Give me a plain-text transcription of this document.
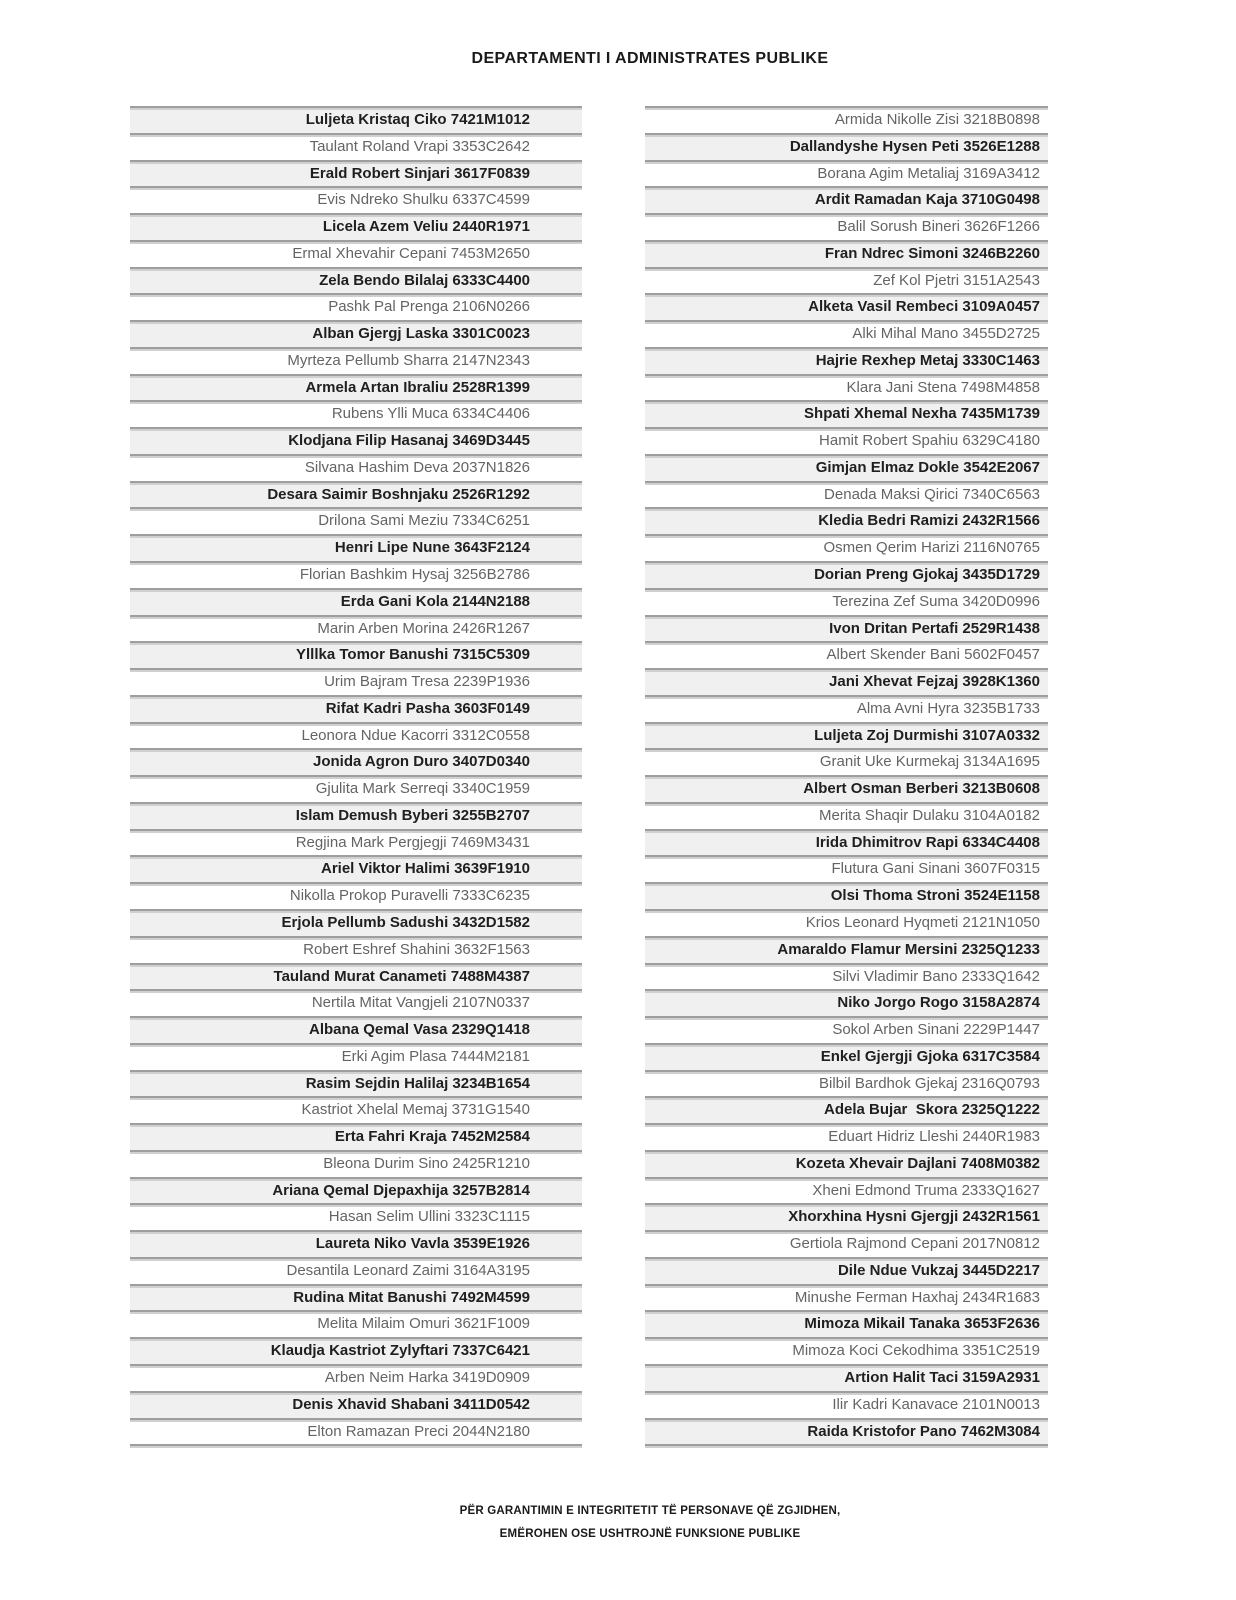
DEPARTAMENTI I ADMINISTRATES PUBLIKE
Luljeta Kristaq Ciko 7421M1012
Taulant Roland Vrapi 3353C2642
Erald Robert Sinjari 3617F0839
Evis Ndreko Shulku 6337C4599
Licela Azem Veliu 2440R1971
Ermal Xhevahir Cepani 7453M2650
Zela Bendo Bilalaj 6333C4400
Pashk Pal Prenga 2106N0266
Alban Gjergj Laska 3301C0023
Myrteza Pellumb Sharra 2147N2343
Armela Artan Ibraliu 2528R1399
Rubens Ylli Muca 6334C4406
Klodjana Filip Hasanaj 3469D3445
Silvana Hashim Deva 2037N1826
Desara Saimir Boshnjaku 2526R1292
Drilona Sami Meziu 7334C6251
Henri Lipe Nune 3643F2124
Florian Bashkim Hysaj 3256B2786
Erda Gani Kola 2144N2188
Marin Arben Morina 2426R1267
Ylllka Tomor Banushi 7315C5309
Urim Bajram Tresa 2239P1936
Rifat Kadri Pasha 3603F0149
Leonora Ndue Kacorri 3312C0558
Jonida Agron Duro 3407D0340
Gjulita Mark Serreqi 3340C1959
Islam Demush Byberi 3255B2707
Regjina Mark Pergjegji 7469M3431
Ariel Viktor Halimi 3639F1910
Nikolla Prokop Puravelli 7333C6235
Erjola Pellumb Sadushi 3432D1582
Robert Eshref Shahini 3632F1563
Tauland Murat Canameti 7488M4387
Nertila Mitat Vangjeli 2107N0337
Albana Qemal Vasa 2329Q1418
Erki Agim Plasa 7444M2181
Rasim Sejdin Halilaj 3234B1654
Kastriot Xhelal Memaj 3731G1540
Erta Fahri Kraja 7452M2584
Bleona Durim Sino 2425R1210
Ariana Qemal Djepaxhija 3257B2814
Hasan Selim Ullini 3323C1115
Laureta Niko Vavla 3539E1926
Desantila Leonard Zaimi 3164A3195
Rudina Mitat Banushi 7492M4599
Melita Milaim Omuri 3621F1009
Klaudja Kastriot Zylyftari 7337C6421
Arben Neim Harka 3419D0909
Denis Xhavid Shabani 3411D0542
Elton Ramazan Preci 2044N2180
Armida Nikolle Zisi 3218B0898
Dallandyshe Hysen Peti 3526E1288
Borana Agim Metaliaj 3169A3412
Ardit Ramadan Kaja 3710G0498
Balil Sorush Bineri 3626F1266
Fran Ndrec Simoni 3246B2260
Zef Kol Pjetri 3151A2543
Alketa Vasil Rembeci 3109A0457
Alki Mihal Mano 3455D2725
Hajrie Rexhep Metaj 3330C1463
Klara Jani Stena 7498M4858
Shpati Xhemal Nexha 7435M1739
Hamit Robert Spahiu 6329C4180
Gimjan Elmaz Dokle 3542E2067
Denada Maksi Qirici 7340C6563
Kledia Bedri Ramizi 2432R1566
Osmen Qerim Harizi 2116N0765
Dorian Preng Gjokaj 3435D1729
Terezina Zef Suma 3420D0996
Ivon Dritan Pertafi 2529R1438
Albert Skender Bani 5602F0457
Jani Xhevat Fejzaj 3928K1360
Alma Avni Hyra 3235B1733
Luljeta Zoj Durmishi 3107A0332
Granit Uke Kurmekaj 3134A1695
Albert Osman Berberi 3213B0608
Merita Shaqir Dulaku 3104A0182
Irida Dhimitrov Rapi 6334C4408
Flutura Gani Sinani 3607F0315
Olsi Thoma Stroni 3524E1158
Krios Leonard Hyqmeti 2121N1050
Amaraldo Flamur Mersini 2325Q1233
Silvi Vladimir Bano 2333Q1642
Niko Jorgo Rogo 3158A2874
Sokol Arben Sinani 2229P1447
Enkel Gjergji Gjoka 6317C3584
Bilbil Bardhok Gjekaj 2316Q0793
Adela Bujar  Skora 2325Q1222
Eduart Hidriz Lleshi 2440R1983
Kozeta Xhevair Dajlani 7408M0382
Xheni Edmond Truma 2333Q1627
Xhorxhina Hysni Gjergji 2432R1561
Gertiola Rajmond Cepani 2017N0812
Dile Ndue Vukzaj 3445D2217
Minushe Ferman Haxhaj 2434R1683
Mimoza Mikail Tanaka 3653F2636
Mimoza Koci Cekodhima 3351C2519
Artion Halit Taci 3159A2931
Ilir Kadri Kanavace 2101N0013
Raida Kristofor Pano 7462M3084
PËR GARANTIMIN E INTEGRITETIT TË PERSONAVE QË ZGJIDHEN,
EMËROHEN OSE USHTROJNË FUNKSIONE PUBLIKE
